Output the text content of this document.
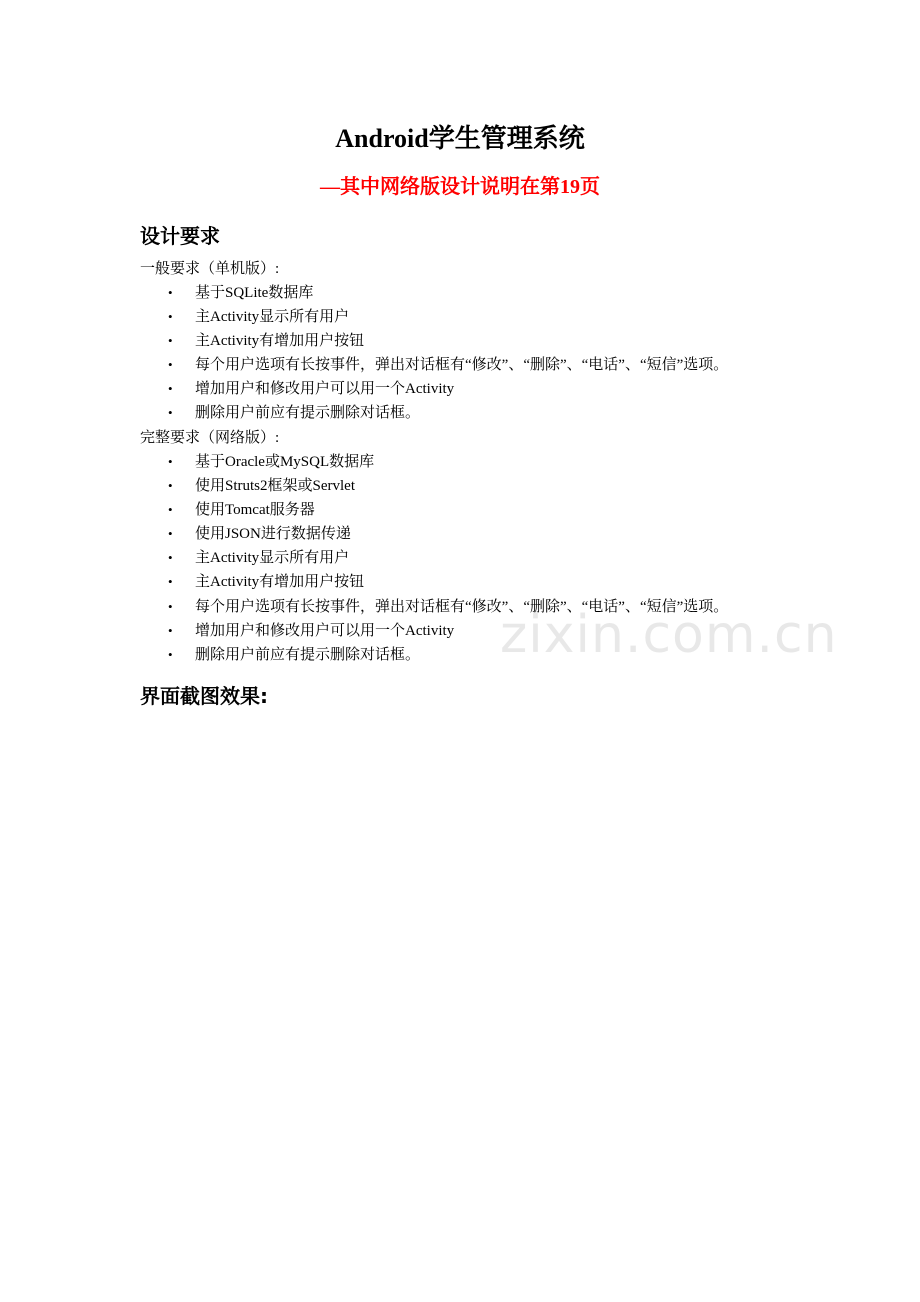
Android学生管理系统
—其中网络版设计说明在第19页
设计要求
一般要求（单机版）:
• 基于SQLite数据库
• 主Activity显示所有用户
• 主Activity有增加用户按钮
• 每个用户选项有长按事件，弹出对话框有“修改”、“删除”、“电话”、“短信”选项。
• 增加用户和修改用户可以用一个Activity
• 删除用户前应有提示删除对话框。
完整要求（网络版）:
• 基于Oracle或MySQL数据库
• 使用Struts2框架或Servlet
• 使用Tomcat服务器
• 使用JSON进行数据传递
• 主Activity显示所有用户
• 主Activity有增加用户按钮
• 每个用户选项有长按事件，弹出对话框有“修改”、“删除”、“电话”、“短信”选项。
• 增加用户和修改用户可以用一个Activity
• 删除用户前应有提示删除对话框。
界面截图效果:
zixin.com.cn
